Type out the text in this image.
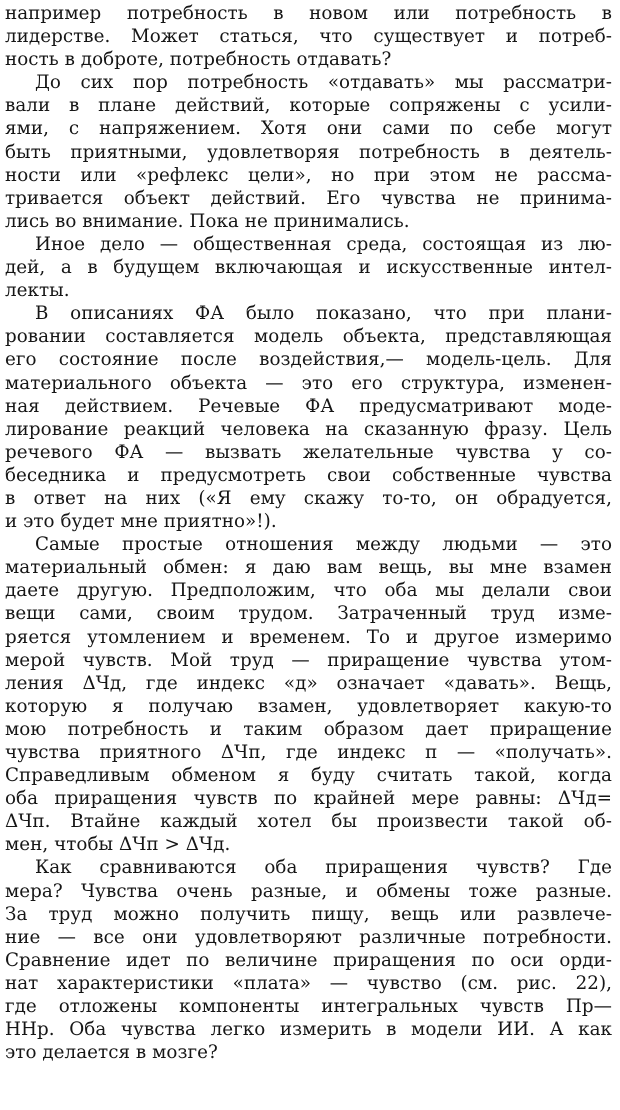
например потребность в новом или потребность в
лидерстве. Может статься, что существует и потреб-
ность в доброте, потребность отдавать?
До сих пор потребность «отдавать» мы рассматри-
вали в плане действий, которые сопряжены с усили-
ями, с напряжением. Хотя они сами по себе могут
быть приятными, удовлетворяя потребность в деятель-
ности или «рефлекс цели», но при этом не рассма-
тривается объект действий. Его чувства не принима-
лись во внимание. Пока не принимались.
Иное дело — общественная среда, состоящая из лю-
дей, а в будущем включающая и искусственные интел-
лекты.
В описаниях ФА было показано, что при плани-
ровании составляется модель объекта, представляющая
его состояние после воздействия,— модель-цель. Для
материального объекта — это его структура, изменен-
ная действием. Речевые ФА предусматривают моде-
лирование реакций человека на сказанную фразу. Цель
речевого ФА — вызвать желательные чувства у со-
беседника и предусмотреть свои собственные чувства
в ответ на них («Я ему скажу то-то, он обрадуется,
и это будет мне приятно»!).
Самые простые отношения между людьми — это
материальный обмен: я даю вам вещь, вы мне взамен
даете другую. Предположим, что оба мы делали свои
вещи сами, своим трудом. Затраченный труд изме-
ряется утомлением и временем. То и другое измеримо
мерой чувств. Мой труд — приращение чувства утом-
ления ΔЧд, где индекс «д» означает «давать». Вещь,
которую я получаю взамен, удовлетворяет какую-то
мою потребность и таким образом дает приращение
чувства приятного ΔЧп, где индекс п — «получать».
Справедливым обменом я буду считать такой, когда
оба приращения чувств по крайней мере равны: ΔЧд=
ΔЧп. Втайне каждый хотел бы произвести такой об-
мен, чтобы ΔЧп > ΔЧд.
Как сравниваются оба приращения чувств? Где
мера? Чувства очень разные, и обмены тоже разные.
За труд можно получить пищу, вещь или развлече-
ние — все они удовлетворяют различные потребности.
Сравнение идет по величине приращения по оси орди-
нат характеристики «плата» — чувство (см. рис. 22),
где отложены компоненты интегральных чувств Пр—
ННр. Оба чувства легко измерить в модели ИИ. А как
это делается в мозге?
